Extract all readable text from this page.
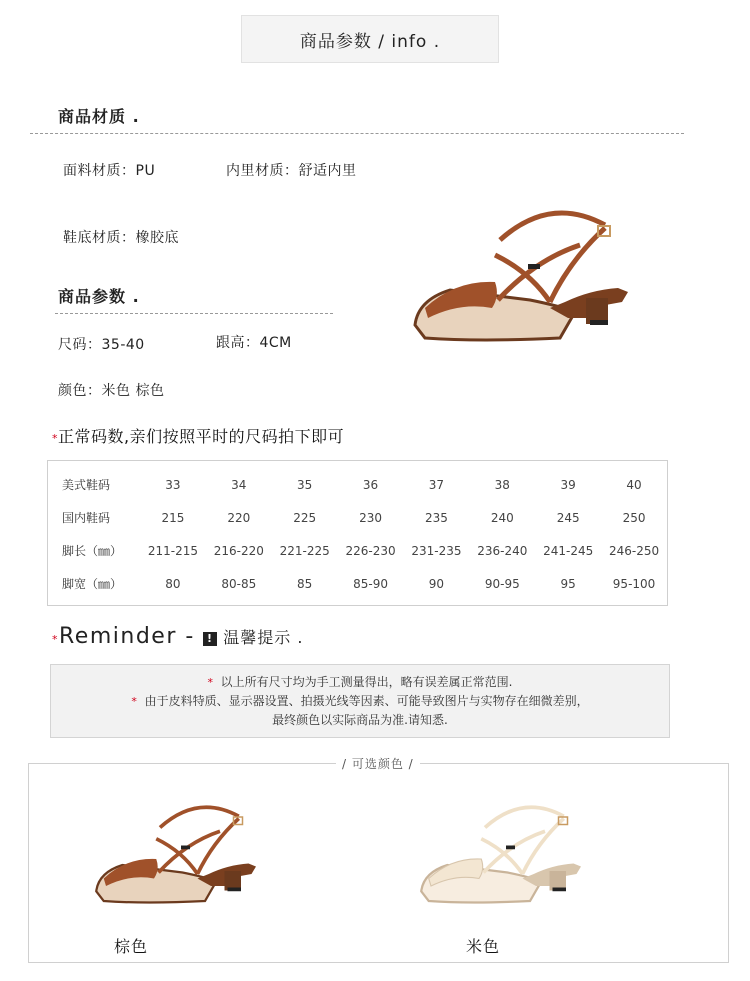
商品参数 / info .
商品材质 .
面料材质：PU	内里材质：舒适内里
鞋底材质：橡胶底
商品参数 .
尺码：35-40	跟高：4CM
颜色：米色 棕色
*正常码数,亲们按照平时的尺码拍下即可
美式鞋码	33	34	35	36	37	38	39	40
国内鞋码	215	220	225	230	235	240	245	250
脚长（㎜）	211-215	216-220	221-225	226-230	231-235	236-240	241-245	246-250
脚宽（㎜）	80	80-85	85	85-90	90	90-95	95	95-100
*Reminder - ! 温馨提示 .
* 以上所有尺寸均为手工测量得出，略有误差属正常范围.
* 由于皮料特质、显示器设置、拍摄光线等因素、可能导致图片与实物存在细微差别，
最终颜色以实际商品为准.请知悉.
/ 可选颜色 /
棕色	米色
